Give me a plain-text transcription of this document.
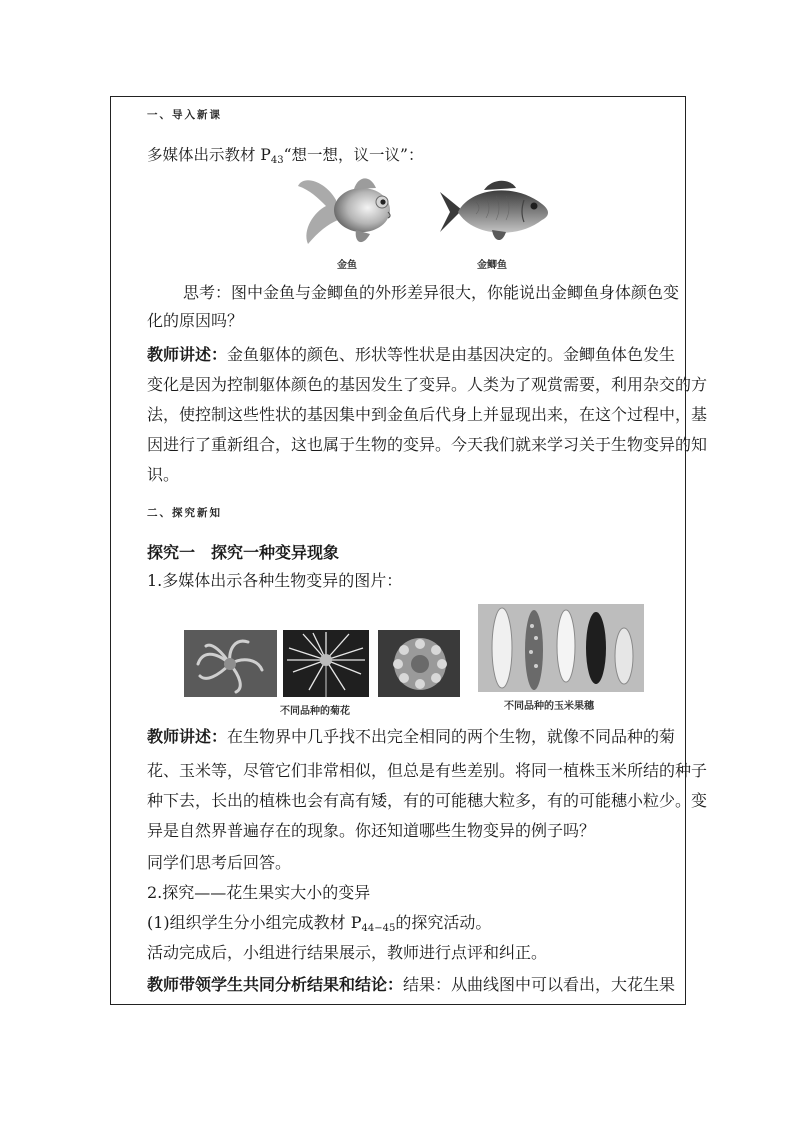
一、导入新课
多媒体出示教材 $P_{43}“$想一想，议一议”：
金鱼	金鲫鱼
思考：图中金鱼与金鲫鱼的外形差异很大，你能说出金鲫鱼身体颜色变
化的原因吗？
教师讲述：金鱼躯体的颜色、形状等性状是由基因决定的。金鲫鱼体色发生
变化是因为控制躯体颜色的基因发生了变异。人类为了观赏需要，利用杂交的方
法，使控制这些性状的基因集中到金鱼后代身上并显现出来，在这个过程中，基
因进行了重新组合，这也属于生物的变异。今天我们就来学习关于生物变异的知
识。
二、探究新知
探究一　探究一种变异现象
1.多媒体出示各种生物变异的图片：
不同品种的菊花	不同品种的玉米果穗
教师讲述：在生物界中几乎找不出完全相同的两个生物，就像不同品种的菊
花、玉米等，尽管它们非常相似，但总是有些差别。将同一植株玉米所结的种子
种下去，长出的植株也会有高有矮，有的可能穗大粒多，有的可能穗小粒少。变
异是自然界普遍存在的现象。你还知道哪些生物变异的例子吗？
同学们思考后回答。
2.探究——花生果实大小的变异
(1)组织学生分小组完成教材 $P_{44-45}$的探究活动。
活动完成后，小组进行结果展示，教师进行点评和纠正。
教师带领学生共同分析结果和结论：结果：从曲线图中可以看出，大花生果
